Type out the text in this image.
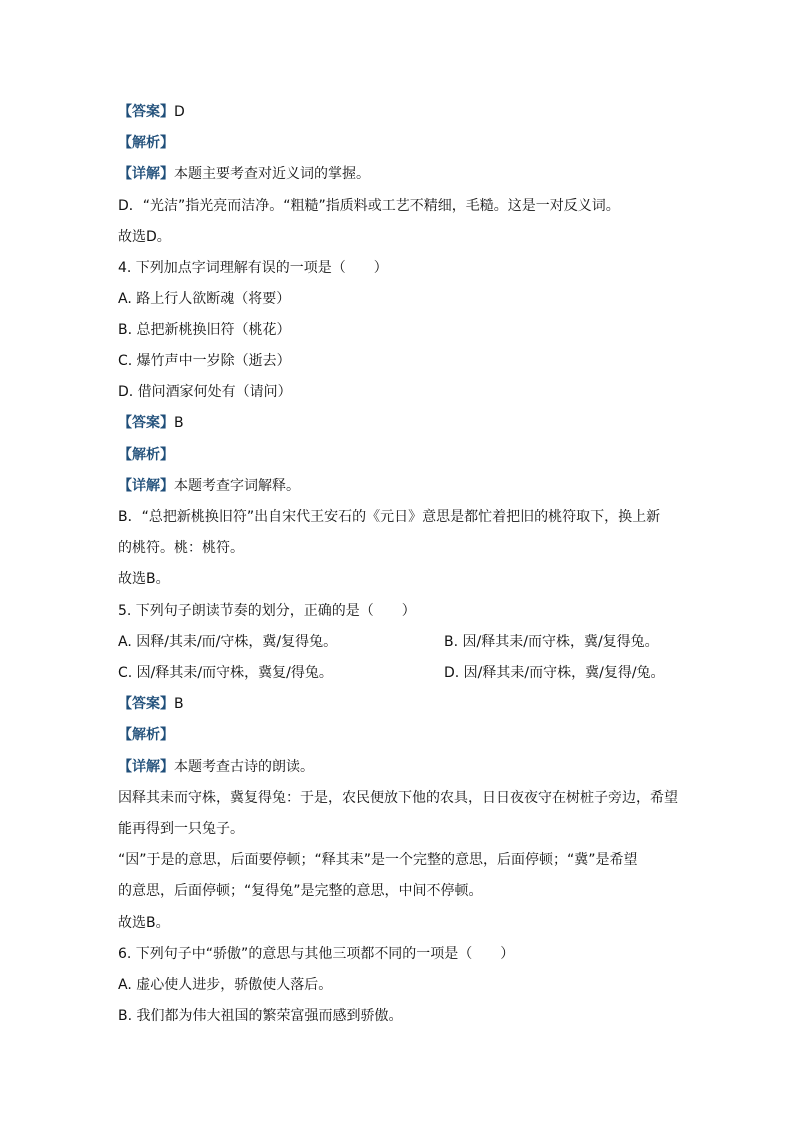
【答案】D
【解析】
【详解】本题主要考查对近义词的掌握。
D．“光洁”指光亮而洁净。“粗糙”指质料或工艺不精细，毛糙。这是一对反义词。
故选D。
4. 下列加点字词理解有误的一项是（　　）
A. 路上行人欲断魂（将要）
B. 总把新桃换旧符（桃花）
C. 爆竹声中一岁除（逝去）
D. 借问酒家何处有（请问）
【答案】B
【解析】
【详解】本题考查字词解释。
B．“总把新桃换旧符”出自宋代王安石的《元日》意思是都忙着把旧的桃符取下，换上新
的桃符。桃：桃符。
故选B。
5. 下列句子朗读节奏的划分，正确的是（　　）
A. 因释/其耒/而/守株，冀/复得兔。	B. 因/释其耒/而守株，冀/复得兔。
C. 因/释其耒/而守株，冀复/得兔。	D. 因/释其耒/而守株，冀/复得/兔。
【答案】B
【解析】
【详解】本题考查古诗的朗读。
因释其耒而守株，冀复得兔：于是，农民便放下他的农具，日日夜夜守在树桩子旁边，希望
能再得到一只兔子。
“因”于是的意思，后面要停顿；“释其耒”是一个完整的意思，后面停顿；“冀”是希望
的意思，后面停顿；“复得兔”是完整的意思，中间不停顿。
故选B。
6. 下列句子中“骄傲”的意思与其他三项都不同的一项是（　　）
A. 虚心使人进步，骄傲使人落后。
B. 我们都为伟大祖国的繁荣富强而感到骄傲。
